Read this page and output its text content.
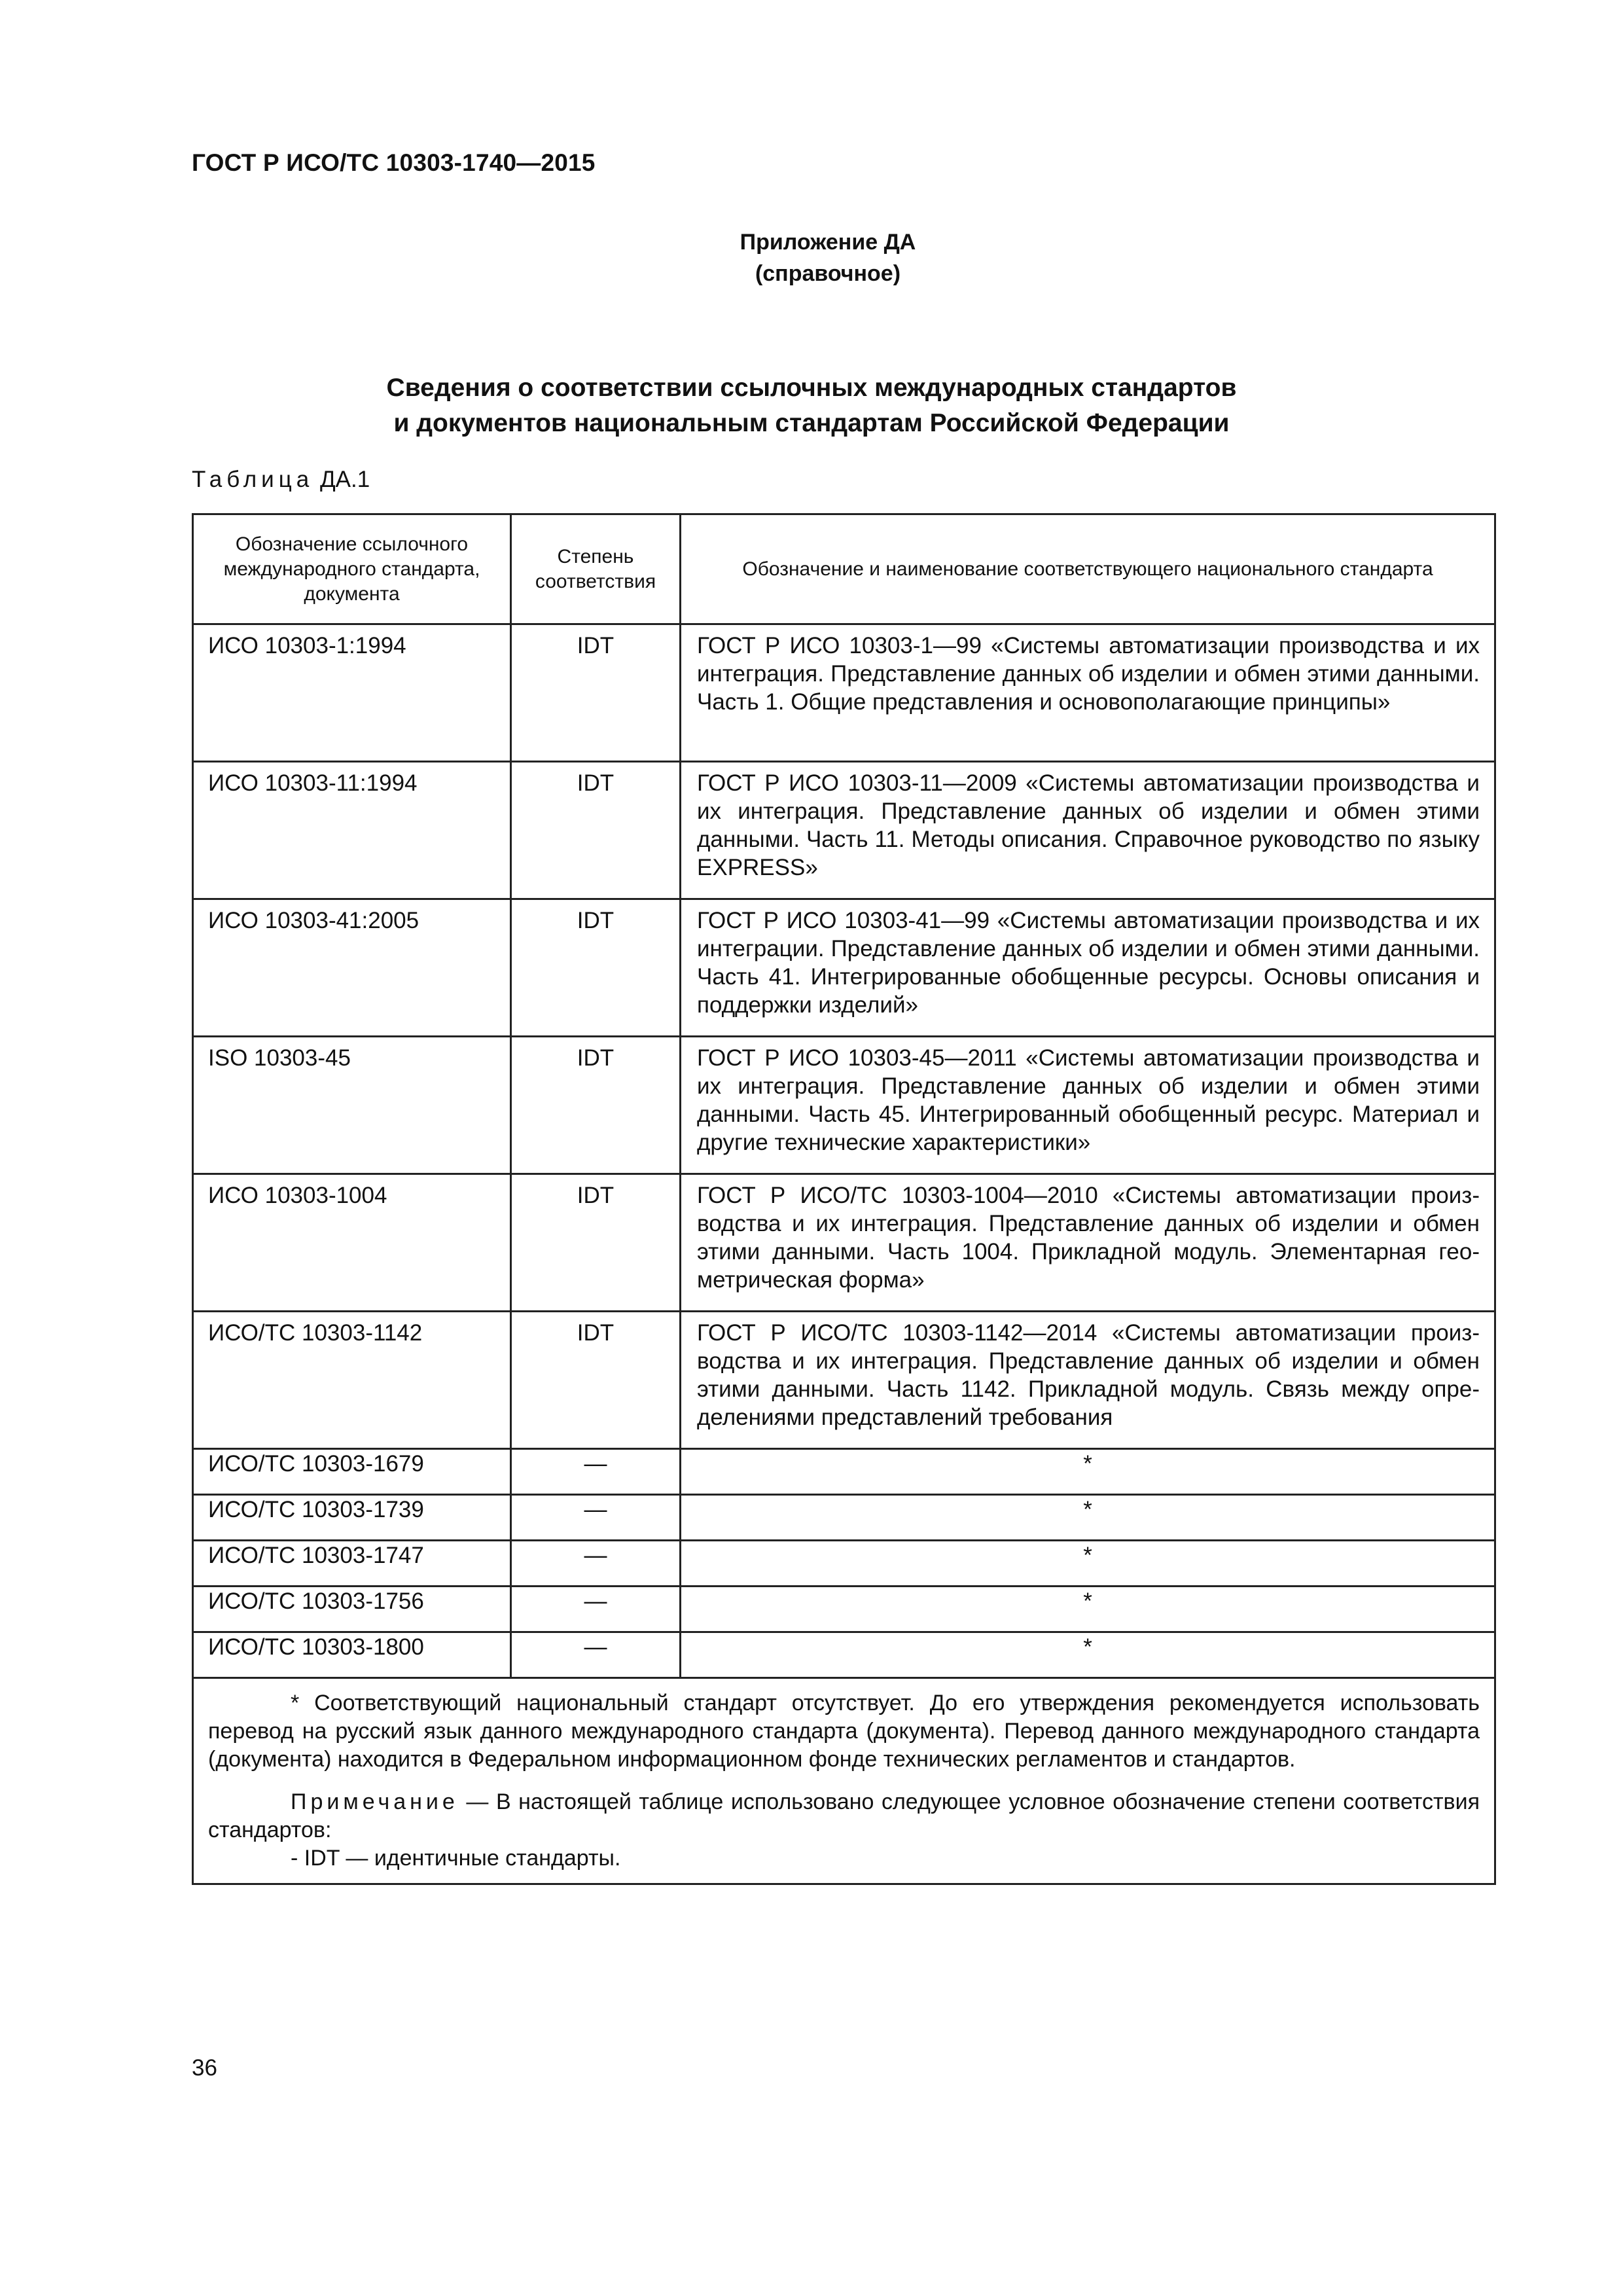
ГОСТ Р ИСО/ТС 10303-1740—2015
Приложение ДА
(справочное)
Сведения о соответствии ссылочных международных стандартов
и документов национальным стандартам Российской Федерации
Таблица ДА.1
Обозначение ссылочного международного стандарта, документа	Степень соответствия	Обозначение и наименование соответствующего национального стандарта
ИСО 10303-1:1994	IDT	ГОСТ Р ИСО 10303-1—99 «Системы автоматизации производства и их интеграция. Представление данных об изделии и обмен этими данными. Часть 1. Общие представления и основополагающие принципы»
ИСО 10303-11:1994	IDT	ГОСТ Р ИСО 10303-11—2009 «Системы автоматизации производства и их интеграция. Представление данных об изделии и обмен этими данными. Часть 11. Методы описания. Справочное руководство по языку EXPRESS»
ИСО 10303-41:2005	IDT	ГОСТ Р ИСО 10303-41—99 «Системы автоматизации производства и их интеграции. Представление данных об изделии и обмен этими данными. Часть 41. Интегрированные обобщенные ресурсы. Основы описания и поддержки изделий»
ISO 10303-45	IDT	ГОСТ Р ИСО 10303-45—2011 «Системы автоматизации производства и их интеграция. Представление данных об изделии и обмен этими данными. Часть 45. Интегрированный обобщенный ресурс. Материал и другие технические характеристики»
ИСО 10303-1004	IDT	ГОСТ Р ИСО/ТС 10303-1004—2010 «Системы автоматизации производства и их интеграция. Представление данных об изделии и обмен этими данными. Часть 1004. Прикладной модуль. Элементарная геометрическая форма»
ИСО/ТС 10303-1142	IDT	ГОСТ Р ИСО/ТС 10303-1142—2014 «Системы автоматизации производства и их интеграция. Представление данных об изделии и обмен этими данными. Часть 1142. Прикладной модуль. Связь между определениями представлений требования
ИСО/ТС 10303-1679	—	*
ИСО/ТС 10303-1739	—	*
ИСО/ТС 10303-1747	—	*
ИСО/ТС 10303-1756	—	*
ИСО/ТС 10303-1800	—	*

* Соответствующий национальный стандарт отсутствует. До его утверждения рекомендуется использовать перевод на русский язык данного международного стандарта (документа). Перевод данного международного стандарта (документа) находится в Федеральном информационном фонде технических регламентов и стандартов.

Примечание — В настоящей таблице использовано следующее условное обозначение степени соответствия стандартов:

- IDT — идентичные стандарты.		

36
